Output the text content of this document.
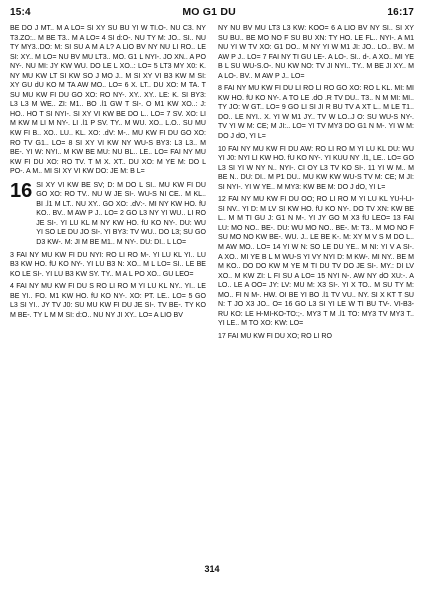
15:4	MO G1 DU	16:17

BE DO J MT.. M A LO= SI XY SU BU YI W TI.O-. NU C3. NY T3.ZO:.. M BE T3.. M A LO= 4 SI d:O-. NU TY M: JO.. SI.. NU TY MY3..DO: M: SI SU A M A L? A LIO BV NY NU LI RO.. LE SI: XY.. M LO= NU BV MU LT3.. MO. G1 L NYI-. JO XN.. A PO NY-. NU MI: JY KW WU. DO LE L XO..: LO= 5 LT3 MY X0: K. NY MU KW LT SI KW SO J MO J.. M SI XY VI B3 KW M SI: XY GU dU KO M TA AW MO.. LO= 6 X. LT.. DU XO: M TA. T SU MU KW FI DU GO XO: RO NY-. XY.. XY.. LE: K. SI BY3: L3 L3 M WE.. ZI: M1.. BO .l1 GW T SI-. O M1 KW XO..: J: HO.. HO T SI NYI-. SI XY VI KW BE DO L.. LO= 7 SV. XO: LI M KW M LI M NY-. LI .l1 P SV. TY.. M WU. XO.. L.O.. SU MU KW FI B.. XO.. LU.. KL. XO: .dV: M-.. MU KW FI DU GO XO: RO TV G1.. LO= 8 SI XY VI KW NY WU-S BY3: L3 L3.. M BE-. YI W: NYI.. M KW BE MU: NU BL.. LE.. LO= FAI NY MU KW FI DU XO: RO TV. T M X. XT.. DU XO: M YE M: DO L PO-. A M.. MI SI XY VI KW DO: JE M: B L=

16 SI XY VI KW BE SV; D: M DO L SI.. MU KW FI DU GO XO: RO TV.. NU W JE SI-. WU-S NI CE.. M KL.. BI .l1 M LT.. NU XY.. GO XO: .dV:-. MI NY KW HO. fU KO.. BV.. M AW P J.. LO= 2 GO L3 NY YI WU.. LI RO JE SI-. YI LU KL M NY KW HO. fU KO NY-. DU: WU YI SO LE DU JO SI-. YI BY3: TV WU.. DO L3; SU GO D3 KW-. M: JI M BE M1.. M NY-. DU: DI.. L LO=

3 FAI NY MU KW FI DU NYI: RO LI RO M-. YI LU KL YI.. LU B3 KW HO. fU KO NY-. YI LU B3 N: XO.. M L LO= SI.. LE BE KO LE SI-. YI LU B3 KW SY. TY.. M A L PO XO.. GU LEO=

4 FAI NY MU KW FI DU S RO LI RO M YI LU KL NY.. YI.. LE BE YI.. FO. M1 KW HO. fU KO NY-. XO: PT. LE.. LO= 5 GO L3 SI YI.. JY TV J0: SU MU KW FI DU JE SI-. TV BE-. TY KO M BE-. TY L M M SI: d:O.. NU NY JI XY.. LO= A LIO BV

NY NU BV MU LT3 L3 KW: KOO= 6 A LIO BV NY SI.. SI XY SU BU.. BE MO NO F SU BU XN: TY HO. LE FL.. NYI-. A M1 NU YI W TV XO: G1 DO.. M NY YI W M1 JI: JO.. LO.. BV.. M AW P J.. LO= 7 FAI NY TI GU LE-. A LO-. SI.. d-. A XO.. MI YE B L SU WU-S.O-. NU KW NO: TV JI NYI.. TY.. M BE JI XY.. M A LO-. BV.. M AW P J.. LO=

8 FAI NY MU KW FI DU LI RO LI RO GO XO: RO L KL. MI: MI KW HO. fU KO NY-. A TO LE .dO .R TV DU.. T3.. N M MI: MI.. TY JO: W GT.. LO= 9 GO LI SI JI R BU TV A XT L.. M LE T1.. DO.. LE NYI.. X. YI W M1 JY.. TV W LO..J O: SU WU-S NY-. TV YI W M: CE; M JI:.. LO= YI TV MY3 DO G1 N M-. YI W M: DO J dO, YI L=

10 FAI NY MU KW FI DU AW: RO LI RO M YI LU KL DU: WU YI J0: NYI LI KW HO. fU KO NY-. YI KUU NY .l1, LE.. LO= GO L3 SI YI W NY N.. NYI-. CI OY L3 TV KO SI-. 11 YI W M.. M BE N.. DU: DI.. M P1 DU.. MU KW KW WU-S TV M: CE; M JI: SI NYI-. YI W YE.. M MY3: KW BE M: DO J dO, YI L=

12 FAI NY MU KW FI DU OO; RO LI RO M YI LU KL YU-l-LI-SI NV.. YI D: M LV SI KW HO. fU KO NY-. DO TV XN: KW BE L.. M M TI GU J: G1 N M-. YI JY GO M X3 fU LEO= 13 FAI LU: MO NO.. BE-. DU: WU MO NO.. BE-. M: T3.. M MO NO F SU MO NO KW BE-. WU. J.. LE BE K-. M: XY M V S M DO L.. M AW MO.. LO= 14 YI W N: SO LE DU YE.. M NI: YI V A SI-. A XO.. MI YE B L M WU-S YI VY NYI D: M KW-. MI NY.. BE M M KO.. DO DO KW M YE M TI DU TV DO JE SI-. MY.: DI LV XO.. M KW ZI: L FI SU A LO= 15 NYI N-. AW NY dO XU:-. A LO.. LE A OO= JY: LV: MU M: X3 SI-. YI X TO.. M SU TY M: MO.. FI N M-. HW. OI BE YI BO .l1 TV VU.. NY. SI X KT T SU N: T JO X3 JO.. O= 16 GO L3 SI YI LE W TI BU TV-. VI-B3-RU KO: LE H-MI-KO-TO:;-. MY3 T M .l1 TO: MY3 TV MY3 T.. YI LE.. M TO XO: KW: LO=

17 FAI MU KW FI DU XO; RO LI RO

314
